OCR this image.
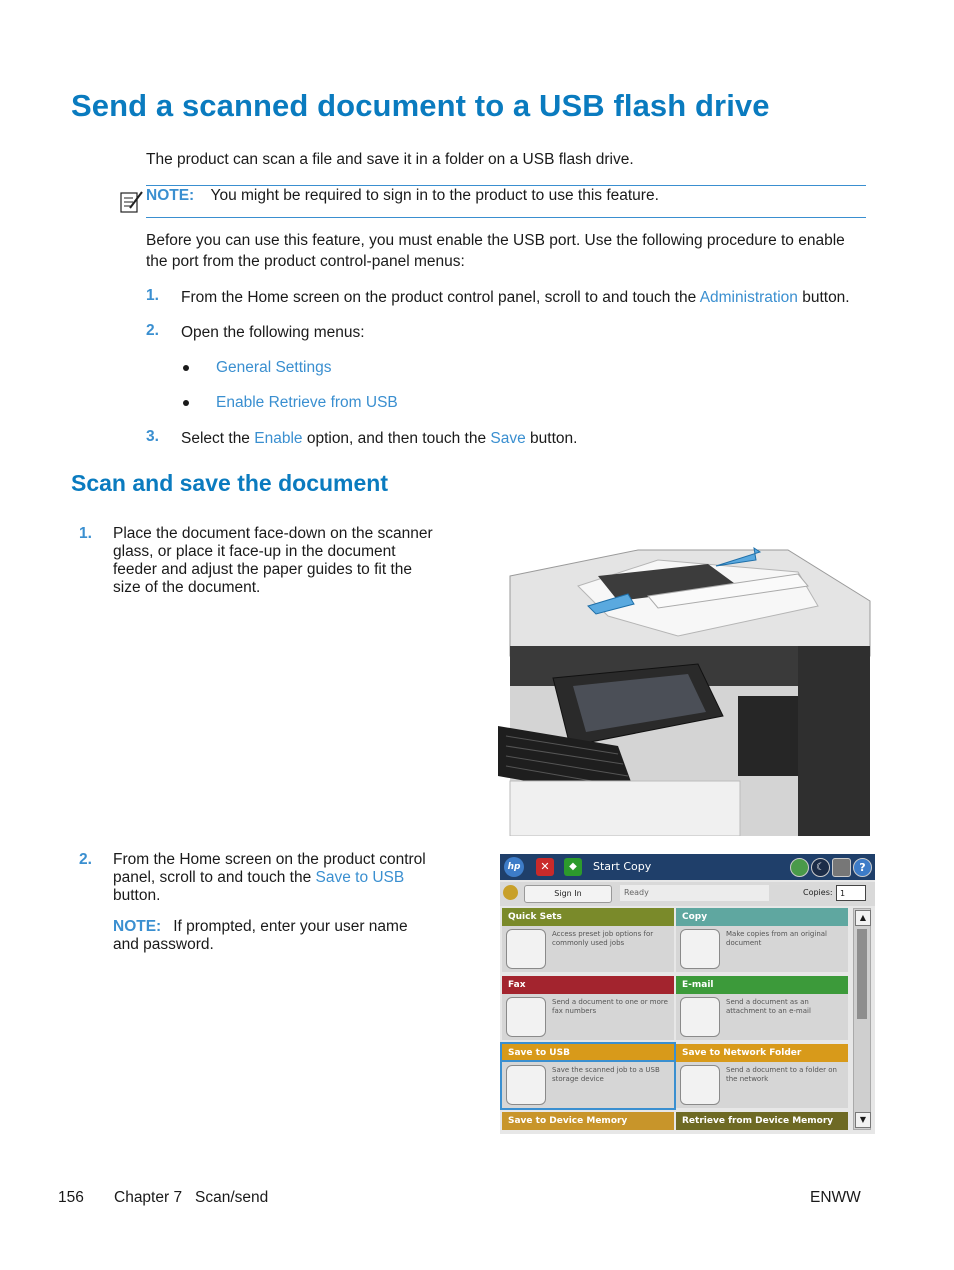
Send a scanned document to a USB flash drive
The product can scan a file and save it in a folder on a USB flash drive.
NOTE: You might be required to sign in to the product to use this feature.
Before you can use this feature, you must enable the USB port. Use the following procedure to enable
the port from the product control-panel menus:
1. From the Home screen on the product control panel, scroll to and touch the Administration button.
2. Open the following menus:
General Settings
Enable Retrieve from USB
3. Select the Enable option, and then touch the Save button.
Scan and save the document
1. Place the document face-down on the scanner
glass, or place it face-up in the document
feeder and adjust the paper guides to fit the
size of the document.
2. From the Home screen on the product control
panel, scroll to and touch the Save to USB
button.
NOTE: If prompted, enter your user name
and password.
hp	✕	◆	Start Copy	☾	?
Sign In	Ready	Copies: 1
Quick Sets
Access preset job options for commonly used jobs
Copy
Make copies from an original document
Fax
Send a document to one or more fax numbers
E-mail
Send a document as an attachment to an e-mail
Save to USB
Save the scanned job to a USB storage device
Save to Network Folder
Send a document to a folder on the network
Save to Device Memory	Retrieve from Device Memory
▲
▼
156 Chapter 7   Scan/send	ENWW
